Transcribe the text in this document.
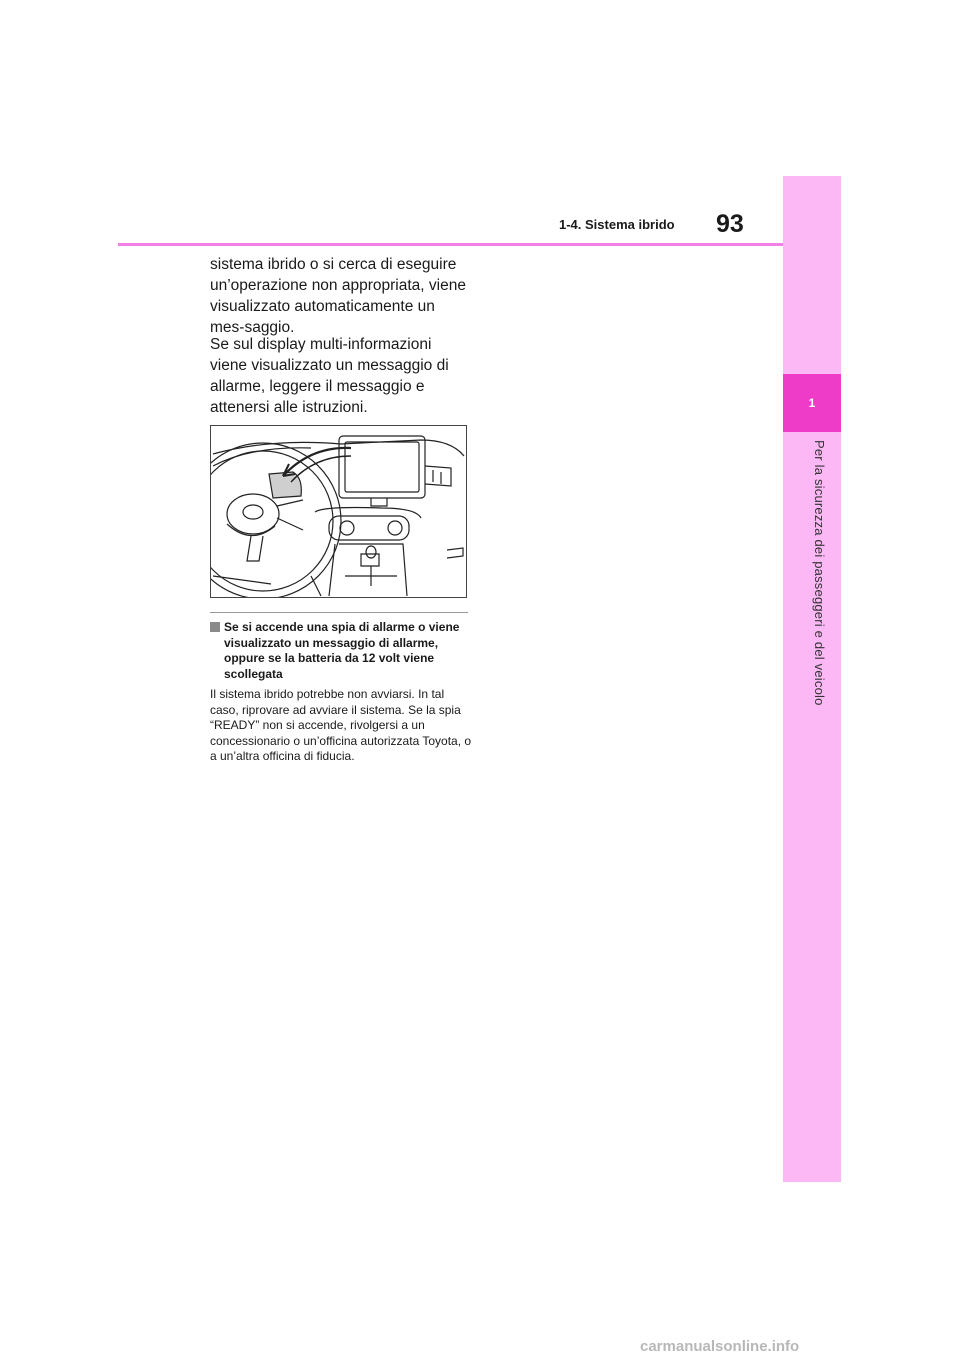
1
Per la sicurezza dei passeggeri e del veicolo
1-4. Sistema ibrido 93

sistema ibrido o si cerca di eseguire un’operazione non appropriata, viene visualizzato automaticamente un mes-saggio.

Se sul display multi-informazioni viene visualizzato un messaggio di allarme, leggere il messaggio e attenersi alle istruzioni.

Se si accende una spia di allarme o viene visualizzato un messaggio di allarme, oppure se la batteria da 12 volt viene scollegata

Il sistema ibrido potrebbe non avviarsi. In tal caso, riprovare ad avviare il sistema. Se la spia “READY” non si accende, rivolgersi a un concessionario o un’officina autorizzata Toyota, o a un’altra officina di fiducia.

carmanualsonline.info
